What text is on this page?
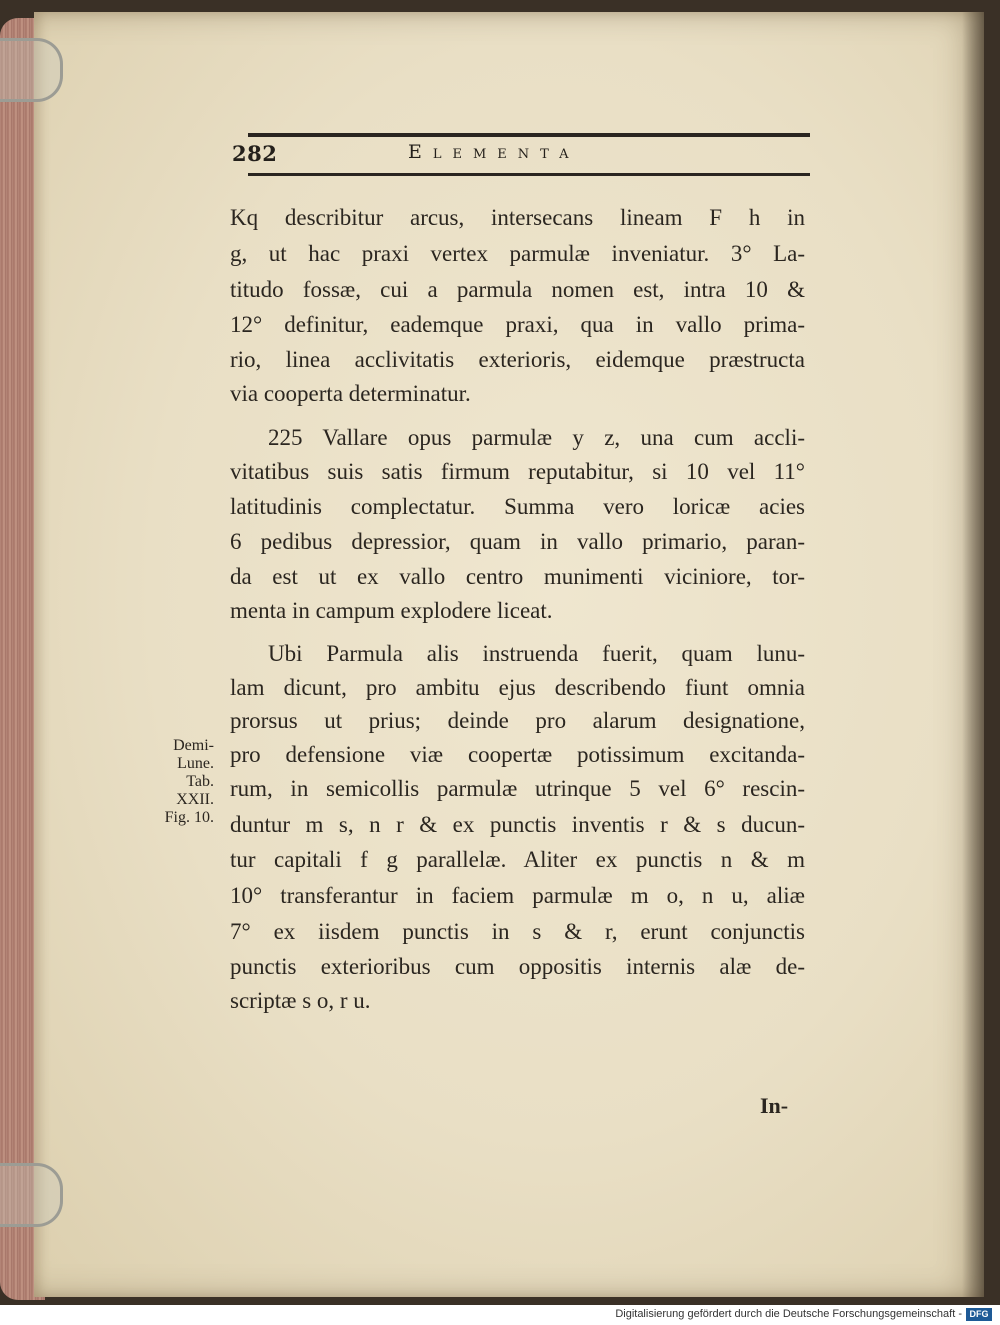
282	Elementa
Kq describitur arcus, intersecans lineam F h in
g, ut hac praxi vertex parmulæ inveniatur. 3° La-
titudo fossæ, cui a parmula nomen est, intra 10 &
12° definitur, eademque praxi, qua in vallo prima-
rio, linea acclivitatis exterioris, eidemque præstructa
via cooperta determinatur.
225 Vallare opus parmulæ y z, una cum accli-
vitatibus suis satis firmum reputabitur, si 10 vel 11°
latitudinis complectatur. Summa vero loricæ acies
6 pedibus depressior, quam in vallo primario, paran-
da est ut ex vallo centro munimenti viciniore, tor-
menta in campum explodere liceat.
Ubi Parmula alis instruenda fuerit, quam lunu-
lam dicunt, pro ambitu ejus describendo fiunt omnia
prorsus ut prius; deinde pro alarum designatione,
pro defensione viæ coopertæ potissimum excitanda-
rum, in semicollis parmulæ utrinque 5 vel 6° rescin-
duntur m s, n r & ex punctis inventis r & s ducun-
tur capitali f g parallelæ. Aliter ex punctis n & m
10° transferantur in faciem parmulæ m o, n u, aliæ
7° ex iisdem punctis in s & r, erunt conjunctis
punctis exterioribus cum oppositis internis alæ de-
scriptæ s o, r u.
Demi-
Lune.
Tab.
XXII.
Fig. 10.
In-
Digitalisierung gefördert durch die Deutsche Forschungsgemeinschaft - DFG
